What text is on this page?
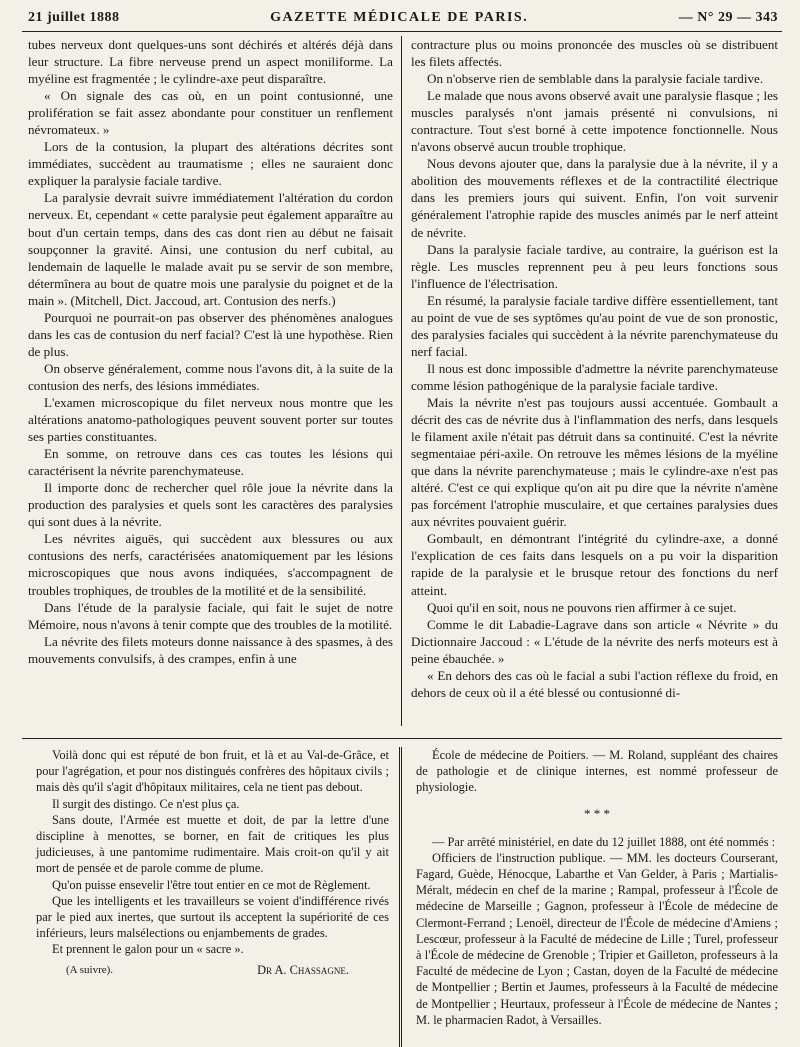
21 juillet 1888	GAZETTE MÉDICALE DE PARIS.	— N° 29 — 343

tubes nerveux dont quelques-uns sont déchirés et altérés déjà dans leur structure. La fibre nerveuse prend un aspect moniliforme. La myéline est fragmentée ; le cylindre-axe peut disparaître.

« On signale des cas où, en un point contusionné, une prolifération se fait assez abondante pour constituer un renflement névromateux. »

Lors de la contusion, la plupart des altérations décrites sont immédiates, succèdent au traumatisme ; elles ne sauraient donc expliquer la paralysie faciale tardive.

La paralysie devrait suivre immédiatement l'altération du cordon nerveux. Et, cependant « cette paralysie peut également apparaître au bout d'un certain temps, dans des cas dont rien au début ne faisait soupçonner la gravité. Ainsi, une contusion du nerf cubital, au lendemain de laquelle le malade avait pu se servir de son membre, détermînera au bout de quatre mois une paralysie du poignet et de la main ». (Mitchell, Dict. Jaccoud, art. Contusion des nerfs.)

Pourquoi ne pourrait-on pas observer des phénomènes analogues dans les cas de contusion du nerf facial? C'est là une hypothèse. Rien de plus.

On observe généralement, comme nous l'avons dit, à la suite de la contusion des nerfs, des lésions immédiates.

L'examen microscopique du filet nerveux nous montre que les altérations anatomo-pathologiques peuvent souvent porter sur toutes ses parties constituantes.

En somme, on retrouve dans ces cas toutes les lésions qui caractérisent la névrite parenchymateuse.

Il importe donc de rechercher quel rôle joue la névrite dans la production des paralysies et quels sont les caractères des paralysies qui sont dues à la névrite.

Les névrites aiguës, qui succèdent aux blessures ou aux contusions des nerfs, caractérisées anatomiquement par les lésions microscopiques que nous avons indiquées, s'accompagnent de troubles trophiques, de troubles de la motilité et de la sensibilité.

Dans l'étude de la paralysie faciale, qui fait le sujet de notre Mémoire, nous n'avons à tenir compte que des troubles de la motilité.

La névrite des filets moteurs donne naissance à des spasmes, à des mouvements convulsifs, à des crampes, enfin à une

contracture plus ou moins prononcée des muscles où se distribuent les filets affectés.

On n'observe rien de semblable dans la paralysie faciale tardive.

Le malade que nous avons observé avait une paralysie flasque ; les muscles paralysés n'ont jamais présenté ni convulsions, ni contracture. Tout s'est borné à cette impotence fonctionnelle. Nous n'avons observé aucun trouble trophique.

Nous devons ajouter que, dans la paralysie due à la névrite, il y a abolition des mouvements réflexes et de la contractilité électrique dans les premiers jours qui suivent. Enfin, l'on voit survenir généralement l'atrophie rapide des muscles animés par le nerf atteint de névrite.

Dans la paralysie faciale tardive, au contraire, la guérison est la règle. Les muscles reprennent peu à peu leurs fonctions sous l'influence de l'électrisation.

En résumé, la paralysie faciale tardive diffère essentiellement, tant au point de vue de ses syptômes qu'au point de vue de son pronostic, des paralysies faciales qui succèdent à la névrite parenchymateuse du nerf facial.

Il nous est donc impossible d'admettre la névrite parenchymateuse comme lésion pathogénique de la paralysie faciale tardive.

Mais la névrite n'est pas toujours aussi accentuée. Gombault a décrit des cas de névrite dus à l'inflammation des nerfs, dans lesquels le filament axile n'était pas détruit dans sa continuité. C'est la névrite segmentaiae péri-axile. On retrouve les mêmes lésions de la myéline que dans la névrite parenchymateuse ; mais le cylindre-axe n'est pas altéré. C'est ce qui explique qu'on ait pu dire que la névrite n'amène pas forcément l'atrophie musculaire, et que certaines paralysies dues aux névrites pouvaient guérir.

Gombault, en démontrant l'intégrité du cylindre-axe, a donné l'explication de ces faits dans lesquels on a pu voir la disparition rapide de la paralysie et le brusque retour des fonctions du nerf atteint.

Quoi qu'il en soit, nous ne pouvons rien affirmer à ce sujet.

Comme le dit Labadie-Lagrave dans son article « Névrite » du Dictionnaire Jaccoud : « L'étude de la névrite des nerfs moteurs est à peine ébauchée. »

« En dehors des cas où le facial a subi l'action réflexe du froid, en dehors de ceux où il a été blessé ou contusionné di-

Voilà donc qui est réputé de bon fruit, et là et au Val-de-Grâce, et pour l'agrégation, et pour nos distingués confrères des hôpitaux civils ; mais dès qu'il s'agit d'hôpitaux militaires, cela ne tient pas debout.

Il surgit des distingo. Ce n'est plus ça.

Sans doute, l'Armée est muette et doit, de par la lettre d'une discipline à menottes, se borner, en fait de critiques les plus judicieuses, à une pantomime rudimentaire. Mais croit-on qu'il y ait mort de pensée et de parole comme de plume.

Qu'on puisse ensevelir l'être tout entier en ce mot de Règlement.

Que les intelligents et les travailleurs se voient d'indifférence rivés par le pied aux inertes, que surtout ils acceptent la supériorité de ces inférieurs, leurs malsélections ou enjambements de grades.

Et prennent le galon pour un « sacre ».

(A suivre).	Dr A. Chassagne.

École de médecine de Poitiers. — M. Roland, suppléant des chaires de pathologie et de clinique internes, est nommé professeur de physiologie.

* * *

— Par arrêté ministériel, en date du 12 juillet 1888, ont été nommés :

Officiers de l'instruction publique. — MM. les docteurs Courserant, Fagard, Guède, Hénocque, Labarthe et Van Gelder, à Paris ; Martialis-Méralt, médecin en chef de la marine ; Rampal, professeur à l'École de médecine de Marseille ; Gagnon, professeur à l'École de médecine de Clermont-Ferrand ; Lenoël, directeur de l'École de médecine d'Amiens ; Lescœur, professeur à la Faculté de médecine de Lille ; Turel, professeur à l'École de médecine de Grenoble ; Tripier et Gailleton, professeurs à la Faculté de médecine de Lyon ; Castan, doyen de la Faculté de médecine de Montpellier ; Bertin et Jaumes, professeurs à la Faculté de médecine de Montpellier ; Heurtaux, professeur à l'École de médecine de Nantes ; M. le pharmacien Radot, à Versailles.
